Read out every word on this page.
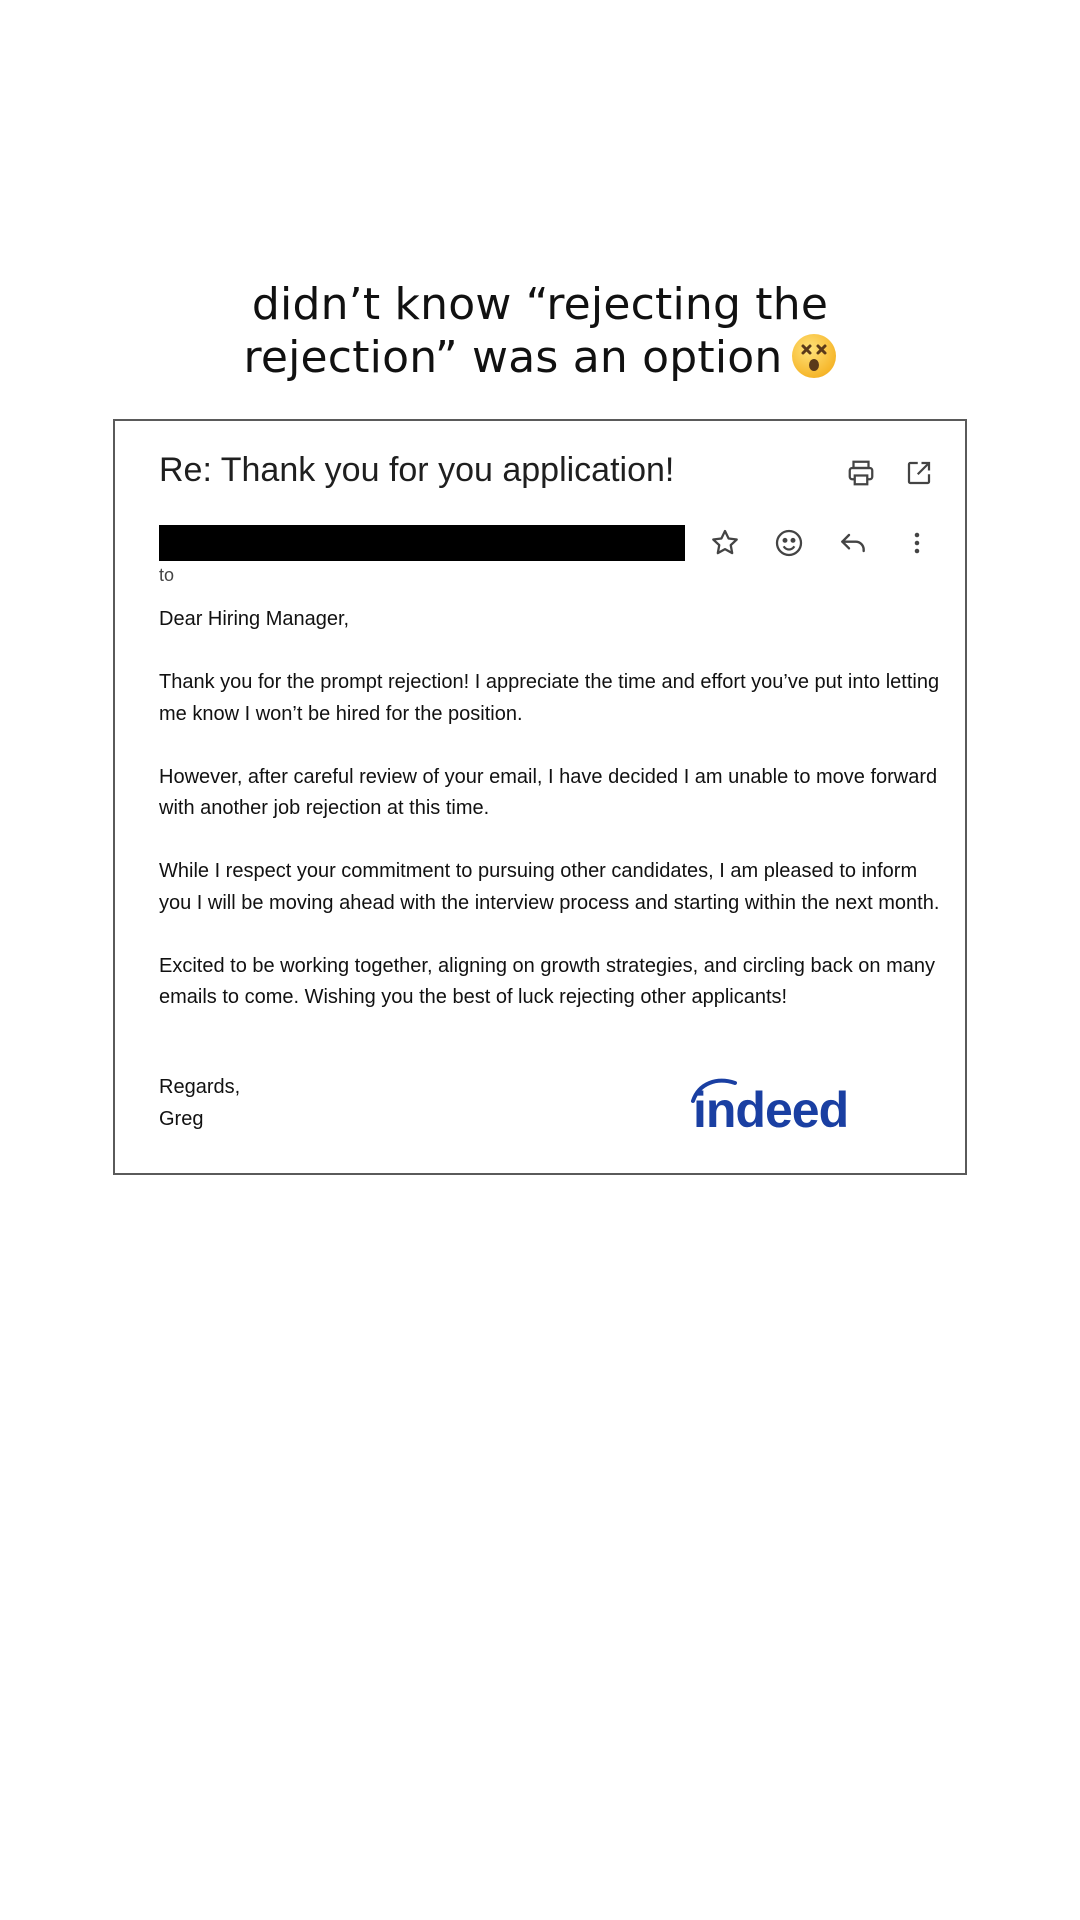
didn’t know “rejecting the
rejection” was an option
Re: Thank you for you application!
to

Dear Hiring Manager,

Thank you for the prompt rejection! I appreciate the time and effort you’ve put into letting me know I won’t be hired for the position.

However, after careful review of your email, I have decided I am unable to move forward with another job rejection at this time.

While I respect your commitment to pursuing other candidates, I am pleased to inform you I will be moving ahead with the interview process and starting within the next month.

Excited to be working together, aligning on growth strategies, and circling back on many emails to come. Wishing you the best of luck rejecting other applicants!

Regards,
Greg	indeed
